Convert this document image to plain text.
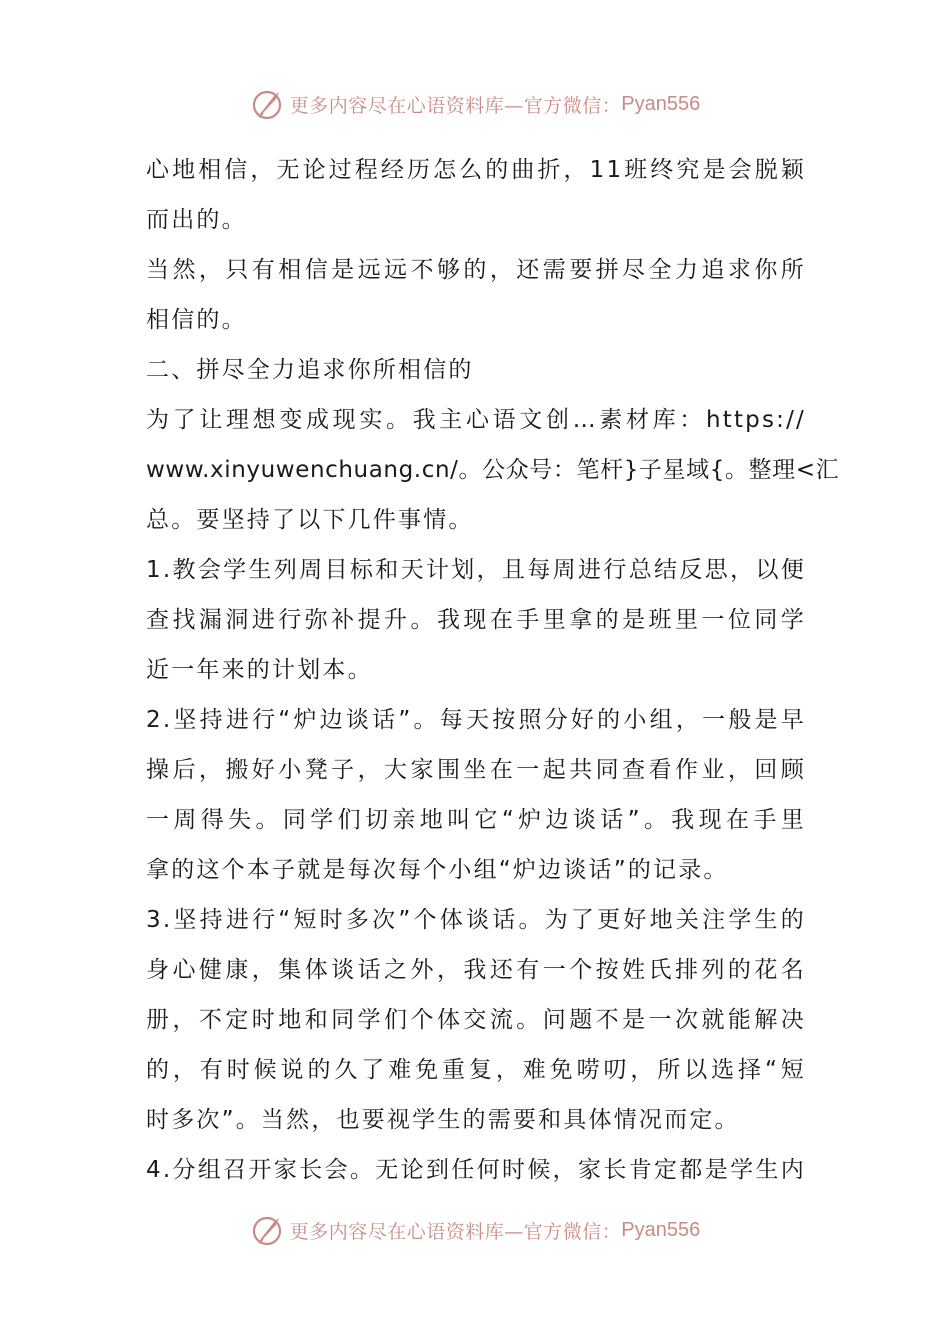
更多内容尽在心语资料库—官方微信： Pyan556
心地相信，无论过程经历怎么的曲折，11班终究是会脱颖
而出的。
当然，只有相信是远远不够的，还需要拼尽全力追求你所
相信的。
二、拼尽全力追求你所相信的
为了让理想变成现实。我主心语文创…素材库：https://
www.xinyuwenchuang.cn/。公众号：笔杆}子星域{。整理<汇
总。要坚持了以下几件事情。
1.教会学生列周目标和天计划，且每周进行总结反思，以便
查找漏洞进行弥补提升。我现在手里拿的是班里一位同学
近一年来的计划本。
2.坚持进行“炉边谈话”。每天按照分好的小组，一般是早
操后，搬好小凳子，大家围坐在一起共同查看作业，回顾
一周得失。同学们切亲地叫它“炉边谈话”。我现在手里
拿的这个本子就是每次每个小组“炉边谈话”的记录。
3.坚持进行“短时多次”个体谈话。为了更好地关注学生的
身心健康，集体谈话之外，我还有一个按姓氏排列的花名
册，不定时地和同学们个体交流。问题不是一次就能解决
的，有时候说的久了难免重复，难免唠叨，所以选择“短
时多次”。当然，也要视学生的需要和具体情况而定。
4.分组召开家长会。无论到任何时候，家长肯定都是学生内
更多内容尽在心语资料库—官方微信： Pyan556
